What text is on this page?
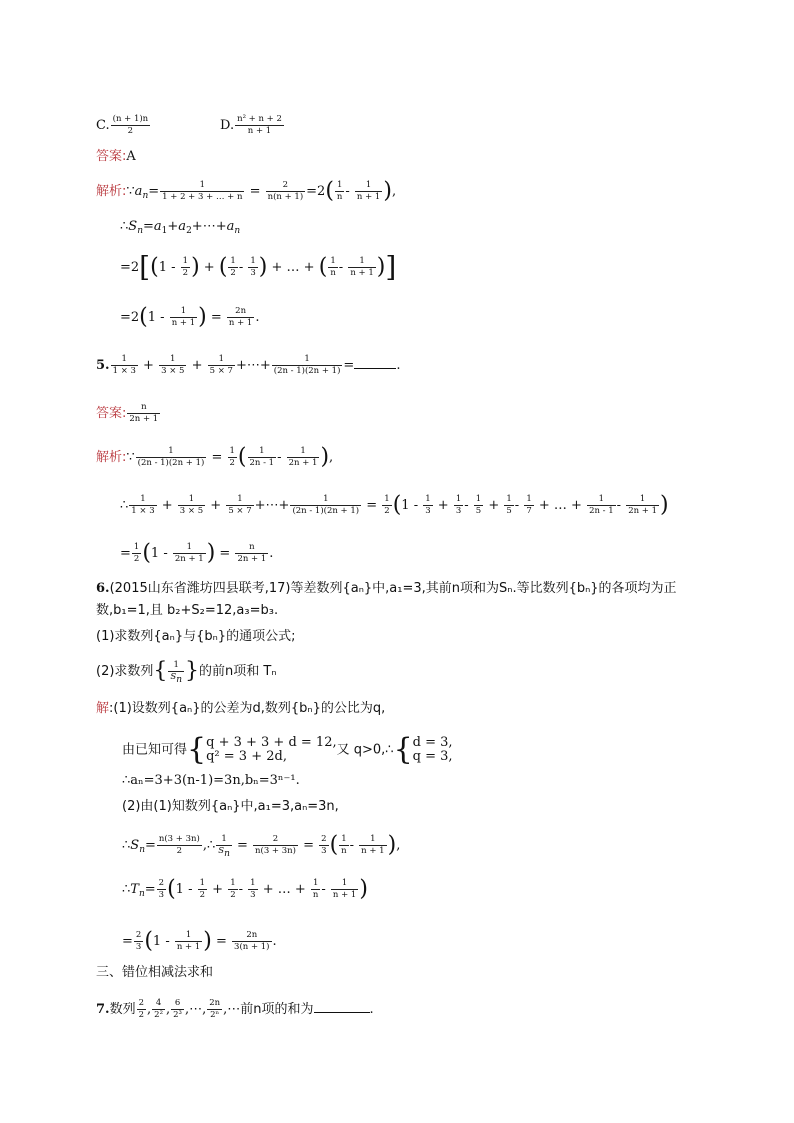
C. $\frac{(n + 1)n}{2}$	D. $\frac{\text{n² + n + 2}}{n + 1}$
答案:A
解析$:\because a_n= \frac{1}{1 + 2 + 3 + \dots + n} = \frac{2}{n(n + 1)} =2( \frac{1}{n} - \frac{1}{n + 1}$ ),
$\therefore S_n=a_1+a_2+\cdots+a_n$
$=2[(1 - \frac{1}{2}$ ) + ( $\frac{1}{2} - \frac{1}{3}$ ) + … + ( $\frac{1}{n} - \frac{1}{n + 1}$ )]
$=2(1 - \frac{1}{n + 1}$ ) = $\frac{2n}{n + 1}$ .
5. $\frac{1}{1 \times 3} + \frac{1}{3 \times 5} + \frac{1}{5 \times 7}$ +⋯+ $\frac{1}{(2n - 1)(2n + 1)}$ =	.
答案: $\frac{n}{2n + 1}$
解析:∵ $\frac{1}{(2n - 1)(2n + 1)} = \frac{1}{2}$ ( $\frac{1}{2n - 1} - \frac{1}{2n + 1}$ ),
∴ $\frac{1}{1 \times 3} + \frac{1}{3 \times 5} + \frac{1}{5 \times 7}$ +⋯+ $\frac{1}{(2n - 1)(2n + 1)} = \frac{1}{2} (1 - \frac{1}{3} + \frac{1}{3} - \frac{1}{5} + \frac{1}{5} - \frac{1}{7}$ + … + $\frac{1}{2n - 1} - \frac{1}{2n + 1}$ )
= $\frac{1}{2} (1 - \frac{1}{2n + 1}$ ) = $\frac{n}{2n + 1}$ .
6.(2015山东省潍坊四县联考,17)等差数列{aₙ}中,a₁=3,其前n项和为Sₙ.等比数列{bₙ}的各项均为正
数,b₁=1,且 b₂+S₂=12,a₃=b₃.
(1)求数列{aₙ}与{bₙ}的通项公式;
(2)求数列{ $\frac{1}{S_n}$ }的前n项和 Tₙ
解:(1)设数列{aₙ}的公差为d,数列{bₙ}的公比为q,
由已知可得{ q + 3 + 3 + d = 12,
q² = 3 + 2d,	又 q>0,∴{ d = 3,
q = 3,
∴aₙ=3+3(n-1)=3n,bₙ=3ⁿ⁻¹.
(2)由(1)知数列{aₙ}中,a₁=3,aₙ=3n,
$\therefore S_n= \frac{n(3 + 3n)}{2}$ ,∴ $\frac{1}{S_n} = \frac{2}{n(3 + 3n)} = \frac{2}{3}$ ( $\frac{1}{n} - \frac{1}{n + 1}$ ),
$\therefore T_n= \frac{2}{3} (1 - \frac{1}{2} + \frac{1}{2} - \frac{1}{3}$ + … + $\frac{1}{n} - \frac{1}{n + 1}$ )
= $\frac{2}{3} (1 - \frac{1}{n + 1}$ ) = $\frac{2n}{3(n + 1)}$ .
三、错位相减法求和
7.数列 $\frac{2}{2}$ , $\frac{4}{\text{2²}}$ , $\frac{6}{\text{2³}}$ ,⋯, $\frac{2n}{\text{2ⁿ}}$ ,⋯前n项的和为	.
